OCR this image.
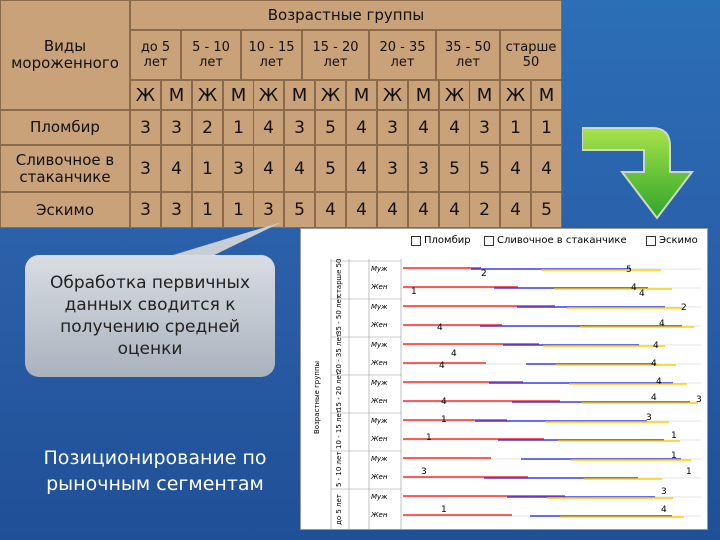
Виды мороженного
Возрастные группы
до 5 лет
5 - 10 лет
10 - 15 лет
15 - 20 лет
20 - 35 лет
35 - 50 лет
старше 50
Ж М Ж М Ж М Ж М Ж М Ж М Ж М
Пломбир	3	3	2	1	4	3	5	4	3	4	4	3	1	1
Сливочное в стаканчике	3	4	1	3	4	4	5	4	3	3	5	5	4	4
Эскимо	3	3	1	1	3	5	4	4	4	4	4	2	4	5
Пломбир	Сливочное в стаканчике	Эскимо
Возрастные группы
старше 50	Муж
Жен
35 - 50 лет	Муж
Жен
20 - 35 лет	Муж
Жен
15 - 20 лет	Муж
Жен
10 - 15 лет	Муж
Жен
5 - 10 лет	Муж
Жен
до 5 лет	Муж
Жен
2
4
5
1	4
2
4	4
4
4
4	4
4
3
4
4
3
1
1
1
1
1
3
3
1	4
Обработка первичных данных сводится к получению средней оценки
Позиционирование по рыночным сегментам
